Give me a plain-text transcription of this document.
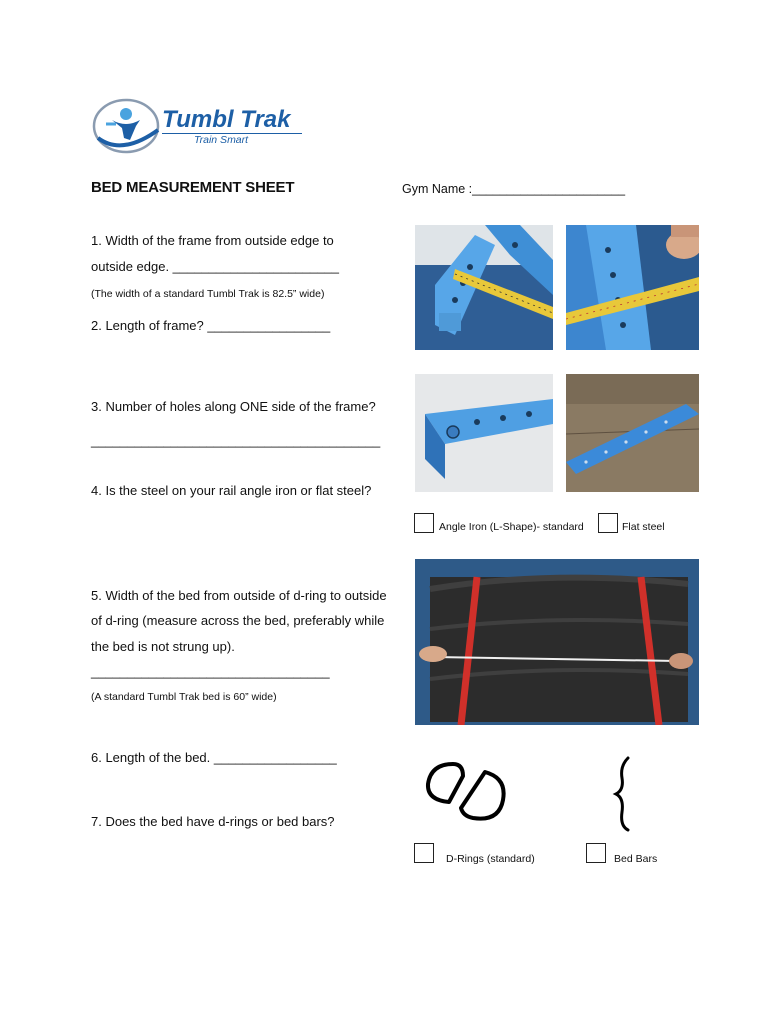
Tumbl Trak
Train Smart
BED MEASUREMENT SHEET	Gym Name :______________________
1. Width of the frame from outside edge to
outside edge. _______________________
(The width of a standard Tumbl Trak is 82.5” wide)
2. Length of frame? _________________
3. Number of holes along ONE side of the frame?
________________________________________
4. Is the steel on your rail angle iron or flat steel?
Angle Iron (L-Shape)- standard	Flat steel
5. Width of the bed from outside of d-ring to outside
of d-ring (measure across the bed, preferably while
the bed is not strung up).
_________________________________
(A standard Tumbl Trak bed is 60” wide)
6. Length of the bed. _________________
7. Does the bed have d-rings or bed bars?
D-Rings (standard)	Bed Bars
